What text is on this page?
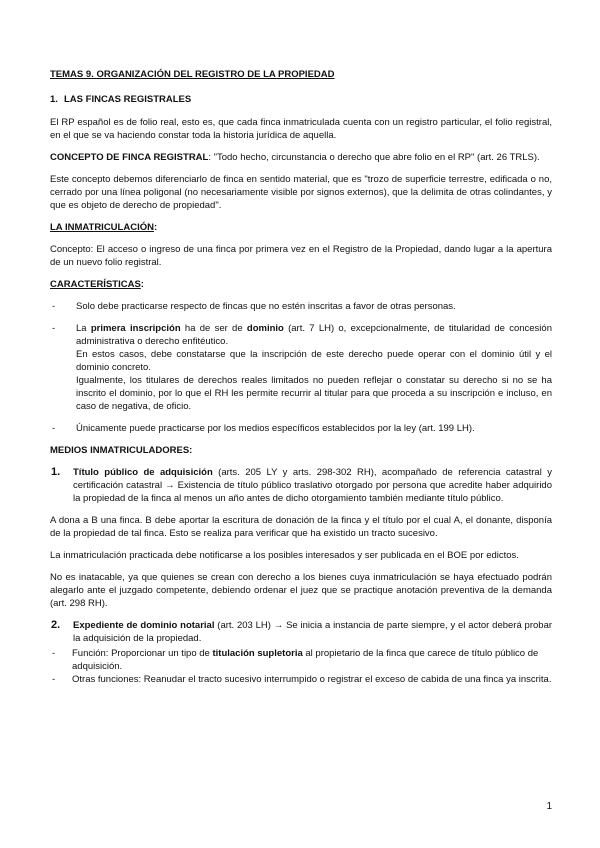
TEMAS 9. ORGANIZACIÓN DEL REGISTRO DE LA PROPIEDAD

1. LAS FINCAS REGISTRALES

El RP español es de folio real, esto es, que cada finca inmatriculada cuenta con un registro particular, el folio registral, en el que se va haciendo constar toda la historia jurídica de aquella.

CONCEPTO DE FINCA REGISTRAL: "Todo hecho, circunstancia o derecho que abre folio en el RP" (art. 26 TRLS).

Este concepto debemos diferenciarlo de finca en sentido material, que es "trozo de superficie terrestre, edificada o no, cerrado por una línea poligonal (no necesariamente visible por signos externos), que la delimita de otras colindantes, y que es objeto de derecho de propiedad".

LA INMATRICULACIÓN:

Concepto: El acceso o ingreso de una finca por primera vez en el Registro de la Propiedad, dando lugar a la apertura de un nuevo folio registral.

CARACTERÍSTICAS:

-	Solo debe practicarse respecto de fincas que no estén inscritas a favor de otras personas.
-	La primera inscripción ha de ser de dominio (art. 7 LH) o, excepcionalmente, de titularidad de concesión administrativa o derecho enfitéutico.
En estos casos, debe constatarse que la inscripción de este derecho puede operar con el dominio útil y el dominio concreto.
Igualmente, los titulares de derechos reales limitados no pueden reflejar o constatar su derecho si no se ha inscrito el dominio, por lo que el RH les permite recurrir al titular para que proceda a su inscripción e incluso, en caso de negativa, de oficio.
-	Únicamente puede practicarse por los medios específicos establecidos por la ley (art. 199 LH).

MEDIOS INMATRICULADORES:

1.	Título público de adquisición (arts. 205 LY y arts. 298-302 RH), acompañado de referencia catastral y certificación catastral → Existencia de título público traslativo otorgado por persona que acredite haber adquirido la propiedad de la finca al menos un año antes de dicho otorgamiento también mediante título público.

A dona a B una finca. B debe aportar la escritura de donación de la finca y el título por el cual A, el donante, disponía de la propiedad de tal finca. Esto se realiza para verificar que ha existido un tracto sucesivo.

La inmatriculación practicada debe notificarse a los posibles interesados y ser publicada en el BOE por edictos.

No es inatacable, ya que quienes se crean con derecho a los bienes cuya inmatriculación se haya efectuado podrán alegarlo ante el juzgado competente, debiendo ordenar el juez que se practique anotación preventiva de la demanda (art. 298 RH).

2.	Expediente de dominio notarial (art. 203 LH) → Se inicia a instancia de parte siempre, y el actor deberá probar la adquisición de la propiedad.
-	Función: Proporcionar un tipo de titulación supletoria al propietario de la finca que carece de título público de adquisición.
-	Otras funciones: Reanudar el tracto sucesivo interrumpido o registrar el exceso de cabida de una finca ya inscrita.
1
